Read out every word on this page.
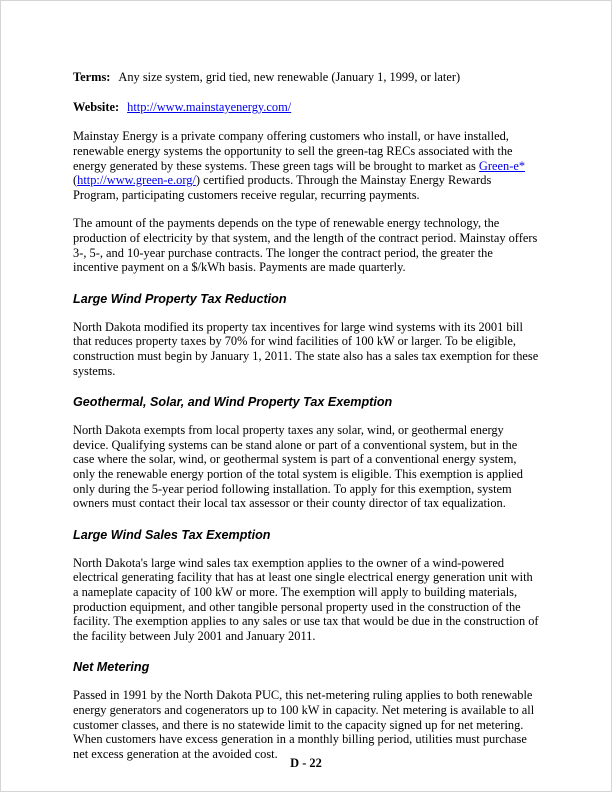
Terms: Any size system, grid tied, new renewable (January 1, 1999, or later)

Website: http://www.mainstayenergy.com/

Mainstay Energy is a private company offering customers who install, or have installed, renewable energy systems the opportunity to sell the green-tag RECs associated with the energy generated by these systems. These green tags will be brought to market as Green-e* (http://www.green-e.org/) certified products. Through the Mainstay Energy Rewards Program, participating customers receive regular, recurring payments.

The amount of the payments depends on the type of renewable energy technology, the production of electricity by that system, and the length of the contract period. Mainstay offers 3-, 5-, and 10-year purchase contracts. The longer the contract period, the greater the incentive payment on a $/kWh basis. Payments are made quarterly.

Large Wind Property Tax Reduction

North Dakota modified its property tax incentives for large wind systems with its 2001 bill that reduces property taxes by 70% for wind facilities of 100 kW or larger. To be eligible, construction must begin by January 1, 2011. The state also has a sales tax exemption for these systems.

Geothermal, Solar, and Wind Property Tax Exemption

North Dakota exempts from local property taxes any solar, wind, or geothermal energy device. Qualifying systems can be stand alone or part of a conventional system, but in the case where the solar, wind, or geothermal system is part of a conventional energy system, only the renewable energy portion of the total system is eligible. This exemption is applied only during the 5-year period following installation. To apply for this exemption, system owners must contact their local tax assessor or their county director of tax equalization.

Large Wind Sales Tax Exemption

North Dakota's large wind sales tax exemption applies to the owner of a wind-powered electrical generating facility that has at least one single electrical energy generation unit with a nameplate capacity of 100 kW or more. The exemption will apply to building materials, production equipment, and other tangible personal property used in the construction of the facility. The exemption applies to any sales or use tax that would be due in the construction of the facility between July 2001 and January 2011.

Net Metering

Passed in 1991 by the North Dakota PUC, this net-metering ruling applies to both renewable energy generators and cogenerators up to 100 kW in capacity. Net metering is available to all customer classes, and there is no statewide limit to the capacity signed up for net metering. When customers have excess generation in a monthly billing period, utilities must purchase net excess generation at the avoided cost.

D - 22
